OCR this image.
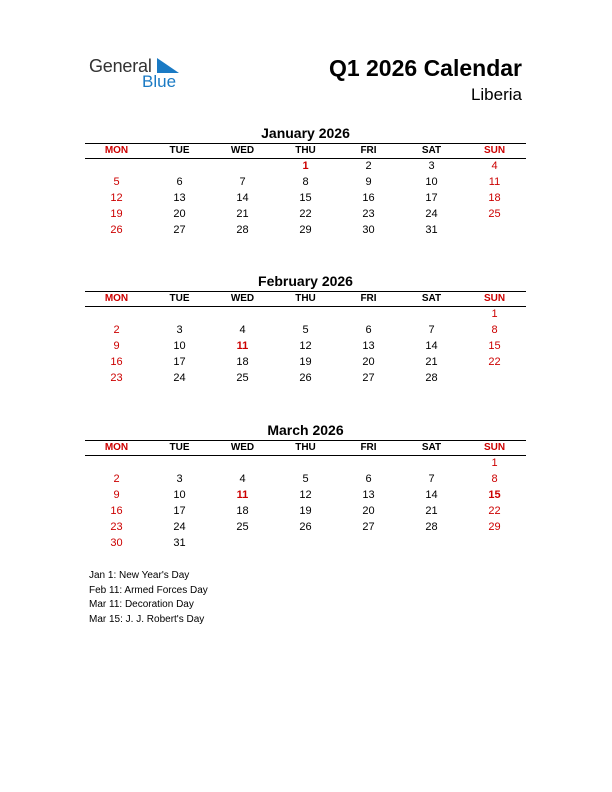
General
Blue
Q1 2026 Calendar
Liberia
January 2026
MON	TUE	WED	THU	FRI	SAT	SUN
			1	2	3	4
5	6	7	8	9	10	11
12	13	14	15	16	17	18
19	20	21	22	23	24	25
26	27	28	29	30	31	
February 2026
MON	TUE	WED	THU	FRI	SAT	SUN
						1
2	3	4	5	6	7	8
9	10	11	12	13	14	15
16	17	18	19	20	21	22
23	24	25	26	27	28	
March 2026
MON	TUE	WED	THU	FRI	SAT	SUN
						1
2	3	4	5	6	7	8
9	10	11	12	13	14	15
16	17	18	19	20	21	22
23	24	25	26	27	28	29
30	31					
Jan 1: New Year's Day
Feb 11: Armed Forces Day
Mar 11: Decoration Day
Mar 15: J. J. Robert's Day
